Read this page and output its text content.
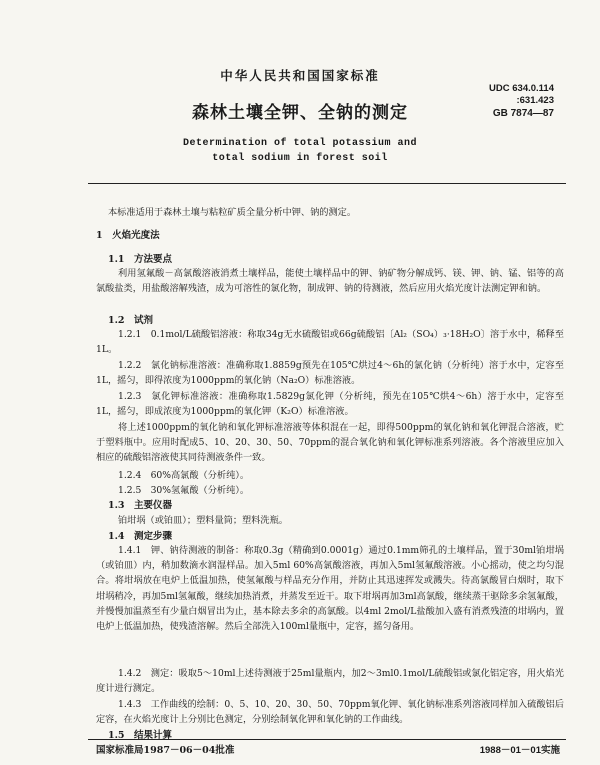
中华人民共和国国家标准

UDC 634.0.114
:631.423

GB 7874—87

森林土壤全钾、全钠的测定

Determination of total potassium and

total sodium in forest soil

本标准适用于森林土壤与粘粒矿质全量分析中钾、钠的测定。

1　火焰光度法

1.1　方法要点

利用氢氟酸－高氯酸溶液消煮土壤样品，能使土壤样品中的钾、钠矿物分解成钙、镁、钾、钠、锰、铝等的高氯酸盐类，用盐酸溶解残渣，成为可溶性的氯化物，制成钾、钠的待测液，然后应用火焰光度计法测定钾和钠。

1.2　试剂

1.2.1　0.1mol/L硫酸铝溶液：称取34g无水硫酸铝或66g硫酸铝〔Al₂（SO₄）₃·18H₂O〕溶于水中，稀释至1L。

1.2.2　氯化钠标准溶液：准确称取1.8859g预先在105℃烘过4～6h的氯化钠（分析纯）溶于水中，定容至1L，摇匀，即得浓度为1000ppm的氧化钠（Na₂O）标准溶液。

1.2.3　氯化钾标准溶液：准确称取1.5829g氯化钾（分析纯，预先在105℃烘4～6h）溶于水中，定容至1L，摇匀，即成浓度为1000ppm的氧化钾（K₂O）标准溶液。

将上述1000ppm的氧化钠和氧化钾标准溶液等体积混在一起，即得500ppm的氧化钠和氧化钾混合溶液，贮于塑料瓶中。应用时配成5、10、20、30、50、70ppm的混合氧化钠和氧化钾标准系列溶液。各个溶液里应加入相应的硫酸铝溶液使其同待测液条件一致。

1.2.4　60%高氯酸（分析纯）。

1.2.5　30%氢氟酸（分析纯）。

1.3　主要仪器

铂坩埚（或铂皿）；塑料量筒；塑料洗瓶。

1.4　测定步骤

1.4.1　钾、钠待测液的制备：称取0.3g（精确到0.0001g）通过0.1mm筛孔的土壤样品，置于30ml铂坩埚（或铂皿）内，稍加数滴水润湿样品。加入5ml 60%高氯酸溶液，再加入5ml氢氟酸溶液。小心摇动，使之均匀混合。将坩埚放在电炉上低温加热，使氢氟酸与样品充分作用，并防止其迅速挥发或溅失。待高氯酸冒白烟时，取下坩埚稍冷，再加5ml氢氟酸，继续加热消煮，并蒸发至近干。取下坩埚再加3ml高氯酸，继续蒸干驱除多余氢氟酸，并慢慢加温蒸至有少量白烟冒出为止，基本除去多余的高氯酸。以4ml 2mol/L盐酸加入盛有消煮残渣的坩埚内，置电炉上低温加热，使残渣溶解。然后全部洗入100ml量瓶中，定容，摇匀备用。

1.4.2　测定：吸取5～10ml上述待测液于25ml量瓶内，加2～3ml0.1mol/L硫酸铝或氯化铝定容，用火焰光度计进行测定。

1.4.3　工作曲线的绘制：0、5、10、20、30、50、70ppm氧化钾、氧化钠标准系列溶液同样加入硫酸铝后定容，在火焰光度计上分别比色测定，分别绘制氧化钾和氧化钠的工作曲线。

1.5　结果计算

国家标准局1987－06－04批准	1988－01－01实施
